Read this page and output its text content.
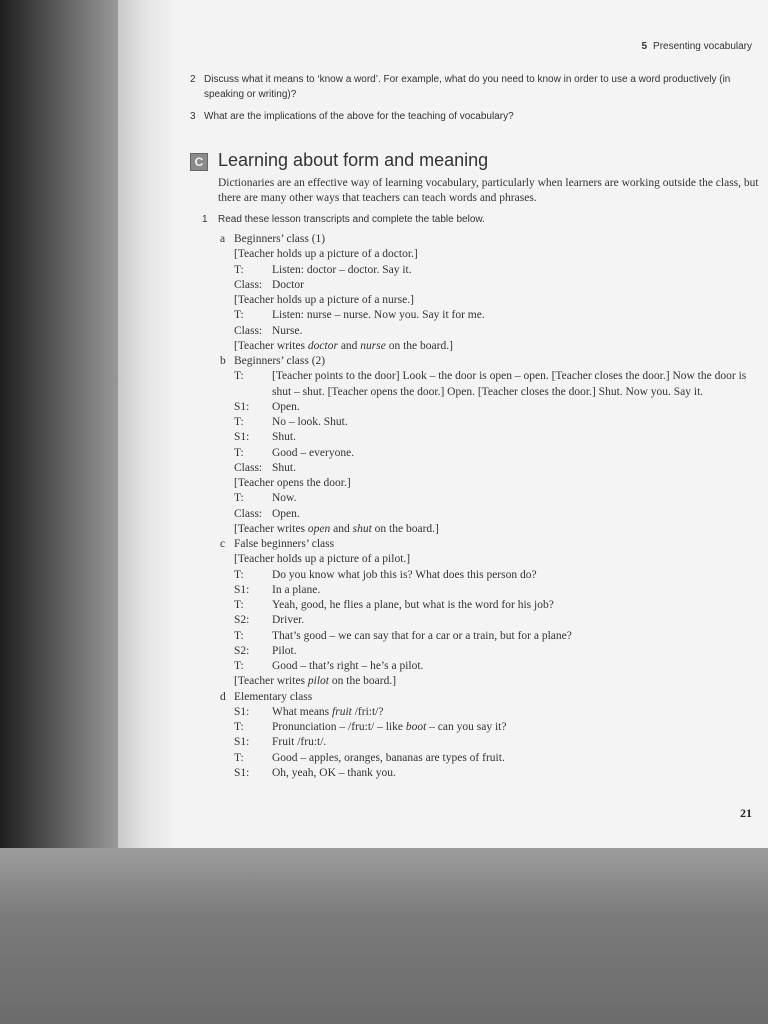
5 Presenting vocabulary
2 Discuss what it means to ‘know a word’. For example, what do you need to know in order to use a word productively (in speaking or writing)?
3 What are the implications of the above for the teaching of vocabulary?
C Learning about form and meaning
Dictionaries are an effective way of learning vocabulary, particularly when learners are working outside the class, but there are many other ways that teachers can teach words and phrases.
1 Read these lesson transcripts and complete the table below.
a Beginners’ class (1)
[Teacher holds up a picture of a doctor.]
T:	Listen: doctor – doctor. Say it.
Class: Doctor
[Teacher holds up a picture of a nurse.]
T:	Listen: nurse – nurse. Now you. Say it for me.
Class: Nurse.
[Teacher writes doctor and nurse on the board.]
b Beginners’ class (2)
T:	[Teacher points to the door] Look – the door is open – open. [Teacher closes the door.] Now the door is shut – shut. [Teacher opens the door.] Open. [Teacher closes the door.] Shut. Now you. Say it.
S1:	Open.
T:	No – look. Shut.
S1:	Shut.
T:	Good – everyone.
Class: Shut.
[Teacher opens the door.]
T:	Now.
Class: Open.
[Teacher writes open and shut on the board.]
c False beginners’ class
[Teacher holds up a picture of a pilot.]
T:	Do you know what job this is? What does this person do?
S1:	In a plane.
T:	Yeah, good, he flies a plane, but what is the word for his job?
S2:	Driver.
T:	That’s good – we can say that for a car or a train, but for a plane?
S2:	Pilot.
T:	Good – that’s right – he’s a pilot.
[Teacher writes pilot on the board.]
d Elementary class
S1:	What means fruit /fri:t/?
T:	Pronunciation – /fru:t/ – like boot – can you say it?
S1:	Fruit /fru:t/.
T:	Good – apples, oranges, bananas are types of fruit.
S1:	Oh, yeah, OK – thank you.
21
